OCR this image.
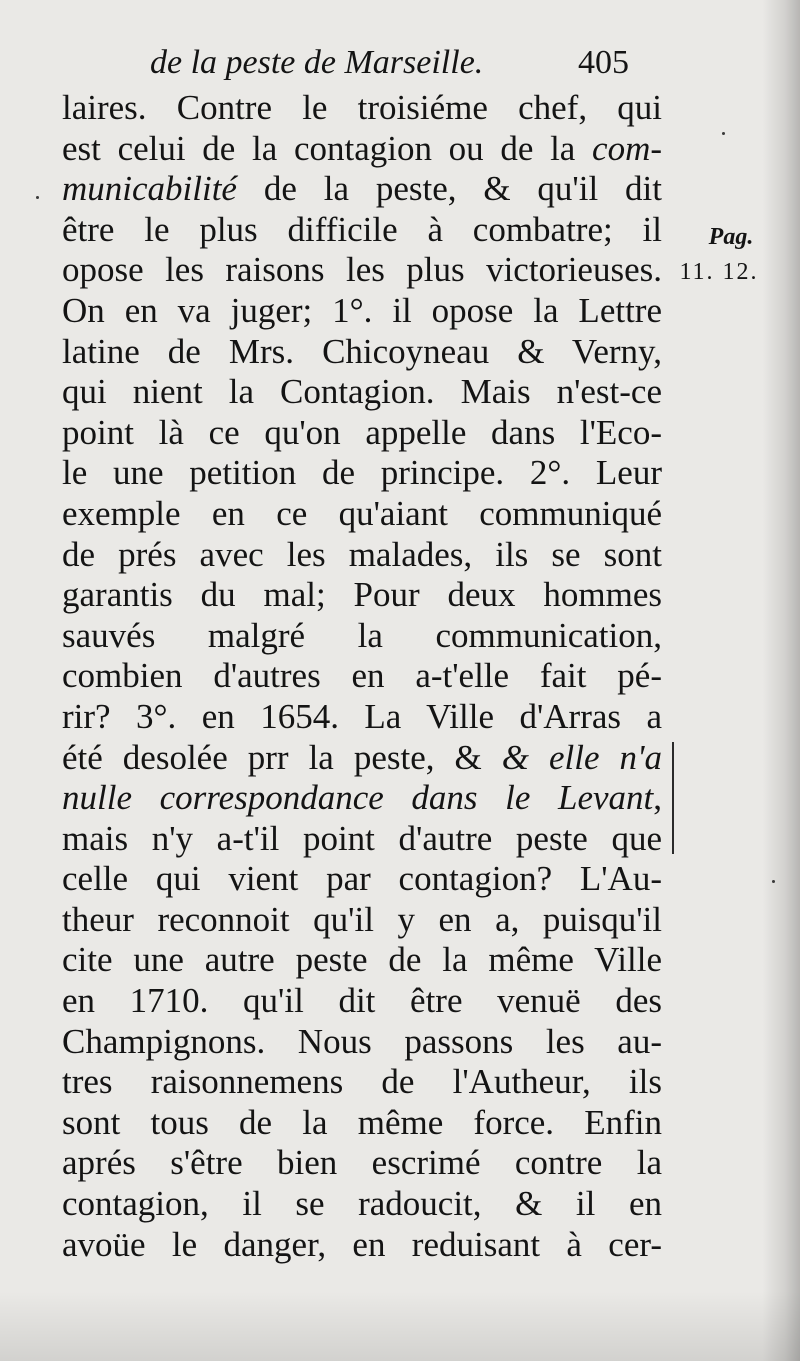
de la peste de Marseille.	405
laires. Contre le troisiéme chef, qui
est celui de la contagion ou de la com-
municabilité de la peste, & qu'il dit
être le plus difficile à combatre; il
opose les raisons les plus victorieuses.
On en va juger; 1°. il opose la Lettre
latine de Mrs. Chicoyneau & Verny,
qui nient la Contagion. Mais n'est-ce
point là ce qu'on appelle dans l'Eco-
le une petition de principe. 2°. Leur
exemple en ce qu'aiant communiqué
de prés avec les malades, ils se sont
garantis du mal; Pour deux hommes
sauvés malgré la communication,
combien d'autres en a-t'elle fait pé-
rir? 3°. en 1654. La Ville d'Arras a
été desolée prr la peste, & & elle n'a
nulle correspondance dans le Levant,
mais n'y a-t'il point d'autre peste que
celle qui vient par contagion? L'Au-
theur reconnoit qu'il y en a, puisqu'il
cite une autre peste de la même Ville
en 1710. qu'il dit être venuë des
Champignons. Nous passons les au-
tres raisonnemens de l'Autheur, ils
sont tous de la même force. Enfin
aprés s'être bien escrimé contre la
contagion, il se radoucit, & il en
avoüe le danger, en reduisant à cer-
Pag.
11. 12.
